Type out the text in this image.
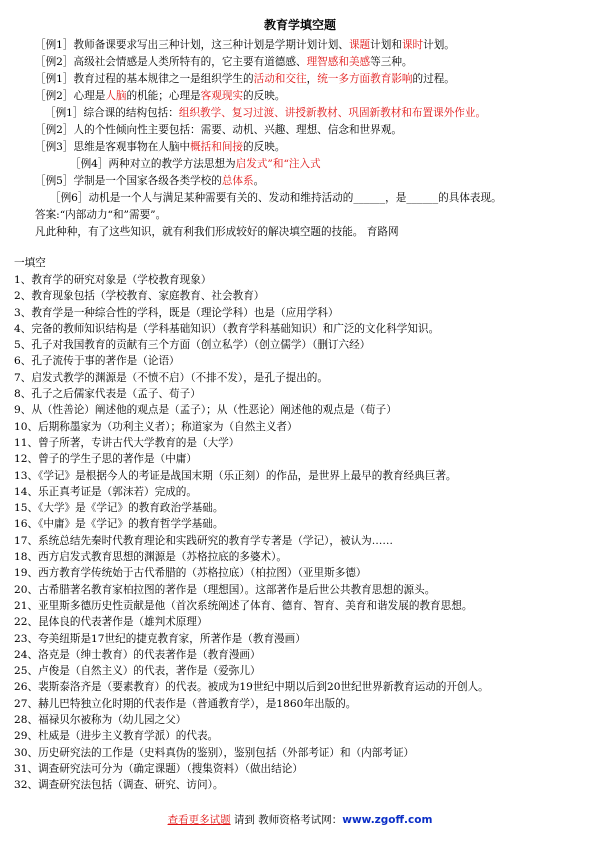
教育学填空题
［例1］教师备课要求写出三种计划，这三种计划是学期计划计划、课题计划和课时计划。
［例2］高级社会情感是人类所特有的，它主要有道德感、理智感和美感等三种。
［例1］教育过程的基本规律之一是组织学生的活动和交往，统一多方面教育影响的过程。
［例2］心理是人脑的机能；心理是客观现实的反映。
［例1］综合课的结构包括：组织教学、复习过渡、讲授新教材、巩固新教材和布置课外作业。
［例2］人的个性倾向性主要包括：需要、动机、兴趣、理想、信念和世界观。
［例3］思维是客观事物在人脑中概括和间接的反映。
［例4］两种对立的教学方法思想为启发式”和“注入式
［例5］学制是一个国家各级各类学校的总体系。
［例6］动机是一个人与满足某种需要有关的、发动和维持活动的______，是______的具体表现。
答案:“内部动力“和”需要”。
凡此种种，有了这些知识，就有利我们形成较好的解决填空题的技能。 育路网
一填空
1、教育学的研究对象是（学校教育现象）
2、教育现象包括（学校教育、家庭教育、社会教育）
3、教育学是一种综合性的学科，既是（理论学科）也是（应用学科）
4、完备的教师知识结构是（学科基础知识）（教育学科基础知识）和广泛的文化科学知识。
5、孔子对我国教育的贡献有三个方面（创立私学）（创立儒学）（删订六经）
6、孔子流传于事的著作是（论语）
7、启发式教学的渊源是（不愤不启）（不排不发），是孔子提出的。
8、孔子之后儒家代表是（孟子、荀子）
9、从（性善论）阐述他的观点是（孟子）；从（性恶论）阐述他的观点是（荀子）
10、后期称墨家为（功利主义者）；称道家为（自然主义者）
11、曾子所著，专讲古代大学教育的是（大学）
12、曾子的学生子思的著作是（中庸）
13、《学记》是根据今人的考证是战国末期（乐正刻）的作品，是世界上最早的教育经典巨著。
14、乐正真考证是（郭沫若）完成的。
15、《大学》是《学记》的教育政治学基础。
16、《中庸》是《学记》的教育哲学学基础。
17、系统总结先秦时代教育理论和实践研究的教育学专著是（学记），被认为……
18、西方启发式教育思想的渊源是（苏格拉底的多婆术）。
19、西方教育学传统始于古代希腊的（苏格拉底）（柏拉图）（亚里斯多德）
20、古希腊著名教育家柏拉图的著作是（理想国）。这部著作是后世公共教育思想的源头。
21、亚里斯多德历史性贡献是他（首次系统阐述了体育、德育、智育、美育和谐发展的教育思想。
22、昆体良的代表著作是（雄判术原理）
23、夸美纽斯是17世纪的捷克教育家，所著作是（教育漫画）
24、洛克是（绅士教育）的代表著作是（教育漫画）
25、卢俊是（自然主义）的代表，著作是（爱弥儿）
26、裴斯泰洛齐是（要素教育）的代表。被成为19世纪中期以后到20世纪世界新教育运动的开创人。
27、赫儿巴特独立化时期的代表作是（普通教育学），是1860年出版的。
28、福禄贝尔被称为（幼儿园之父）
29、杜威是（进步主义教育学派）的代表。
30、历史研究法的工作是（史料真伪的鉴别），鉴别包括（外部考证）和（内部考证）
31、调查研究法可分为（确定课题）（搜集资料）（做出结论）
32、调查研究法包括（调查、研究、访问）。
查看更多试题 请到 教师资格考试网：www.zgoff.com
